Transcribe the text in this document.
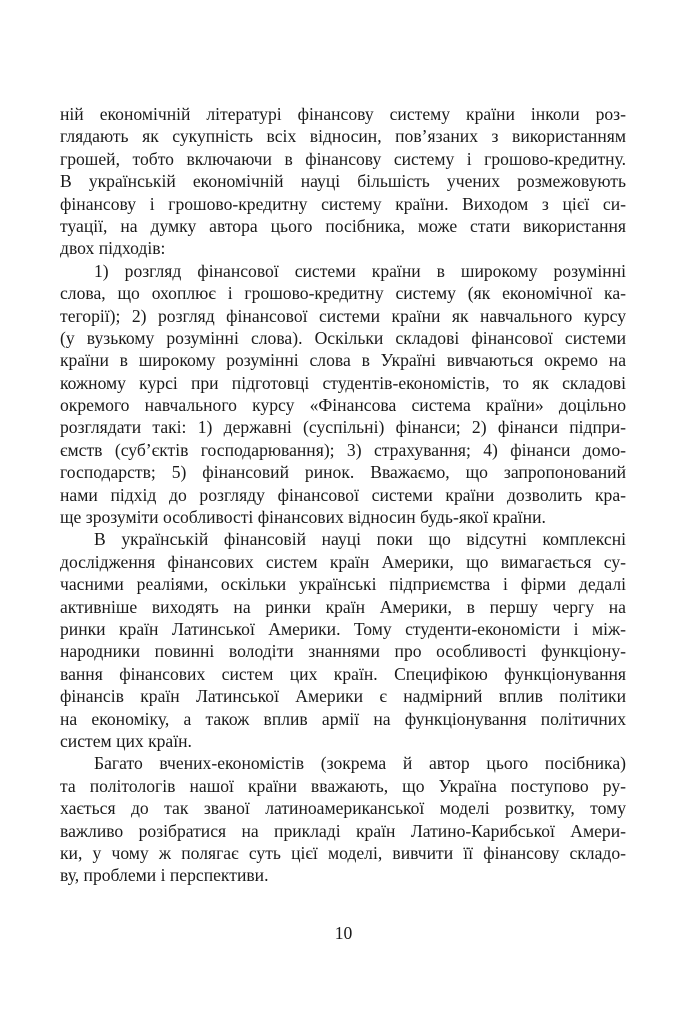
ній економічній літературі фінансову систему країни інколи роз-
глядають як сукупність всіх відносин, пов’язаних з використанням
грошей, тобто включаючи в фінансову систему і грошово-кредитну.
В українській економічній науці більшість учених розмежовують
фінансову і грошово-кредитну систему країни. Виходом з цієї си-
туації, на думку автора цього посібника, може стати використання
двох підходів:
1) розгляд фінансової системи країни в широкому розумінні
слова, що охоплює і грошово-кредитну систему (як економічної ка-
тегорії); 2) розгляд фінансової системи країни як навчального курсу
(у вузькому розумінні слова). Оскільки складові фінансової системи
країни в широкому розумінні слова в Україні вивчаються окремо на
кожному курсі при підготовці студентів-економістів, то як складові
окремого навчального курсу «Фінансова система країни» доцільно
розглядати такі: 1) державні (суспільні) фінанси; 2) фінанси підпри-
ємств (суб’єктів господарювання); 3) страхування; 4) фінанси домо-
господарств; 5) фінансовий ринок. Вважаємо, що запропонований
нами підхід до розгляду фінансової системи країни дозволить кра-
ще зрозуміти особливості фінансових відносин будь-якої країни.
В українській фінансовій науці поки що відсутні комплексні
дослідження фінансових систем країн Америки, що вимагається су-
часними реаліями, оскільки українські підприємства і фірми дедалі
активніше виходять на ринки країн Америки, в першу чергу на
ринки країн Латинської Америки. Тому студенти-економісти і між-
народники повинні володіти знаннями про особливості функціону-
вання фінансових систем цих країн. Специфікою функціонування
фінансів країн Латинської Америки є надмірний вплив політики
на економіку, а також вплив армії на функціонування політичних
систем цих країн.
Багато вчених-економістів (зокрема й автор цього посібника)
та політологів нашої країни вважають, що Україна поступово ру-
хається до так званої латиноамериканської моделі розвитку, тому
важливо розібратися на прикладі країн Латино-Карибської Амери-
ки, у чому ж полягає суть цієї моделі, вивчити її фінансову складо-
ву, проблеми і перспективи.
10
